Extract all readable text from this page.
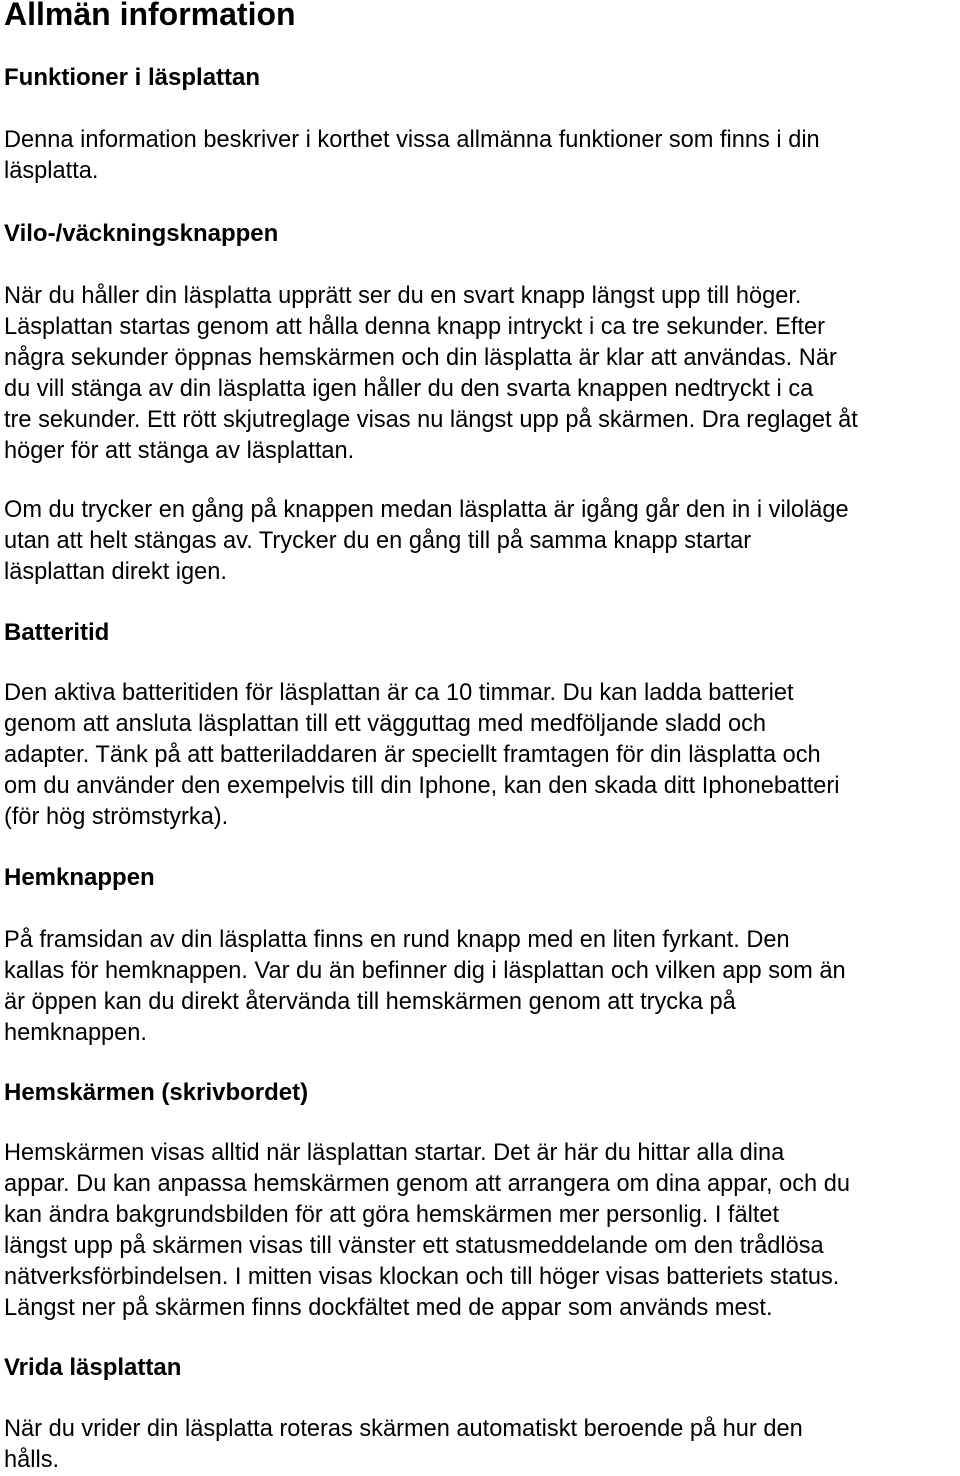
Allmän information
Funktioner i läsplattan

Denna information beskriver i korthet vissa allmänna funktioner som finns i din
läsplatta.

Vilo-/väckningsknappen

När du håller din läsplatta upprätt ser du en svart knapp längst upp till höger.
Läsplattan startas genom att hålla denna knapp intryckt i ca tre sekunder. Efter
några sekunder öppnas hemskärmen och din läsplatta är klar att användas. När
du vill stänga av din läsplatta igen håller du den svarta knappen nedtryckt i ca
tre sekunder. Ett rött skjutreglage visas nu längst upp på skärmen. Dra reglaget åt
höger för att stänga av läsplattan.

Om du trycker en gång på knappen medan läsplatta är igång går den in i viloläge
utan att helt stängas av. Trycker du en gång till på samma knapp startar
läsplattan direkt igen.

Batteritid

Den aktiva batteritiden för läsplattan är ca 10 timmar. Du kan ladda batteriet
genom att ansluta läsplattan till ett vägguttag med medföljande sladd och
adapter. Tänk på att batteriladdaren är speciellt framtagen för din läsplatta och
om du använder den exempelvis till din Iphone, kan den skada ditt Iphonebatteri
(för hög strömstyrka).

Hemknappen

På framsidan av din läsplatta finns en rund knapp med en liten fyrkant. Den
kallas för hemknappen. Var du än befinner dig i läsplattan och vilken app som än
är öppen kan du direkt återvända till hemskärmen genom att trycka på
hemknappen.

Hemskärmen (skrivbordet)

Hemskärmen visas alltid när läsplattan startar. Det är här du hittar alla dina
appar. Du kan anpassa hemskärmen genom att arrangera om dina appar, och du
kan ändra bakgrundsbilden för att göra hemskärmen mer personlig. I fältet
längst upp på skärmen visas till vänster ett statusmeddelande om den trådlösa
nätverksförbindelsen. I mitten visas klockan och till höger visas batteriets status.
Längst ner på skärmen finns dockfältet med de appar som används mest.

Vrida läsplattan

När du vrider din läsplatta roteras skärmen automatiskt beroende på hur den
hålls.
